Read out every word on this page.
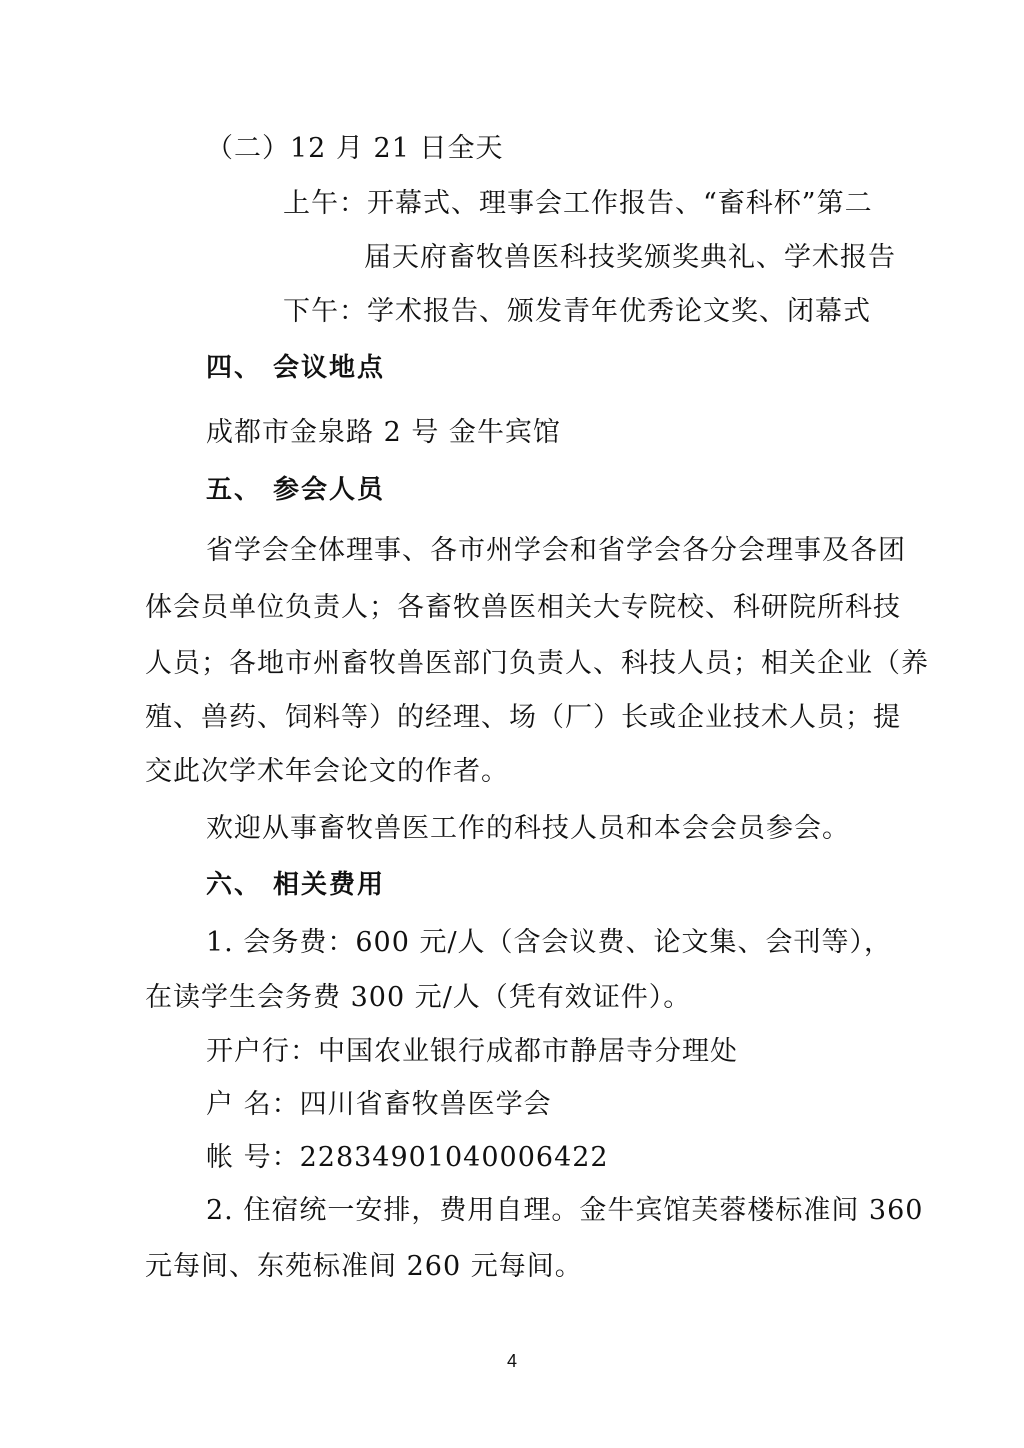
（二）12 月 21 日全天
上午：开幕式、理事会工作报告、“畜科杯”第二
届天府畜牧兽医科技奖颁奖典礼、学术报告
下午：学术报告、颁发青年优秀论文奖、闭幕式
四、 会议地点
成都市金泉路 2 号 金牛宾馆
五、 参会人员
省学会全体理事、各市州学会和省学会各分会理事及各团
体会员单位负责人；各畜牧兽医相关大专院校、科研院所科技
人员；各地市州畜牧兽医部门负责人、科技人员；相关企业（养
殖、兽药、饲料等）的经理、场（厂）长或企业技术人员；提
交此次学术年会论文的作者。
欢迎从事畜牧兽医工作的科技人员和本会会员参会。
六、 相关费用
1. 会务费：600 元/人（含会议费、论文集、会刊等），
在读学生会务费 300 元/人（凭有效证件）。
开户行：中国农业银行成都市静居寺分理处
户 名：四川省畜牧兽医学会
帐 号：22834901040006422
2. 住宿统一安排，费用自理。金牛宾馆芙蓉楼标准间 360
元每间、东苑标准间 260 元每间。
4
